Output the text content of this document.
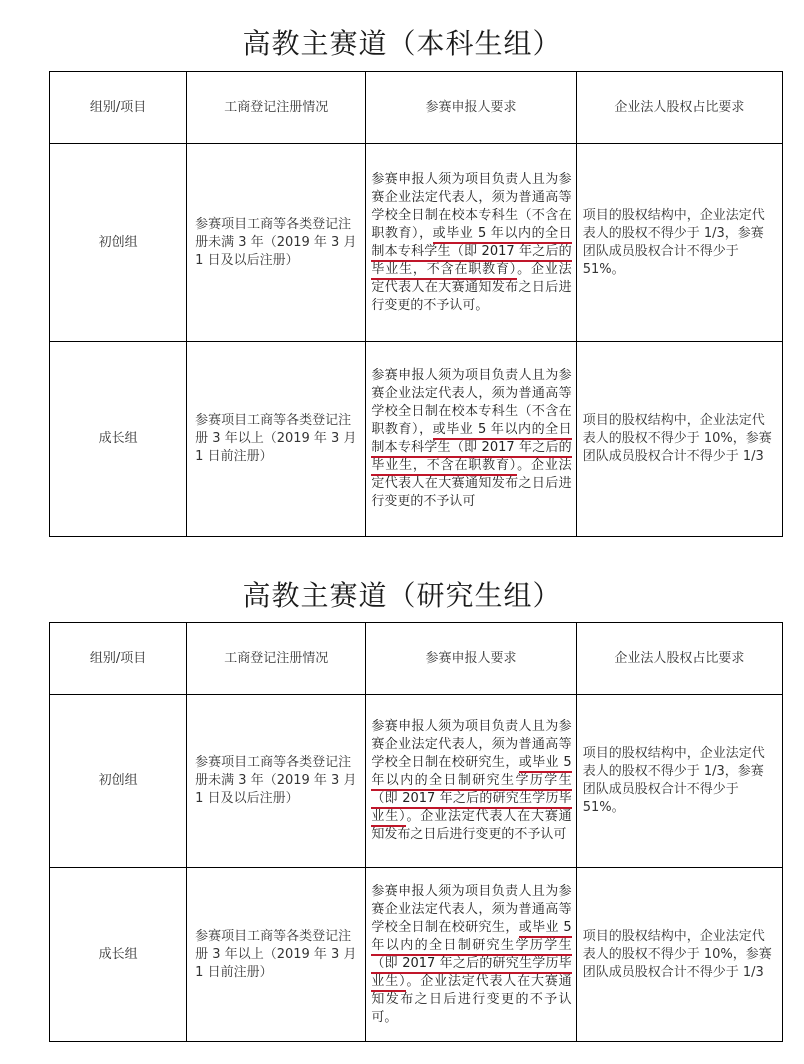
高教主赛道（本科生组）
组别/项目	工商登记注册情况	参赛申报人要求	企业法人股权占比要求
初创组	参赛项目工商等各类登记注册未满 3 年（2019 年 3 月 1 日及以后注册）	参赛申报人须为项目负责人且为参赛企业法定代表人，须为普通高等学校全日制在校本专科生（不含在职教育），或毕业 5 年以内的全日制本专科学生（即 2017 年之后的毕业生，不含在职教育）。企业法定代表人在大赛通知发布之日后进行变更的不予认可。	项目的股权结构中，企业法定代表人的股权不得少于 1/3，参赛团队成员股权合计不得少于 51%。
成长组	参赛项目工商等各类登记注册 3 年以上（2019 年 3 月 1 日前注册）	参赛申报人须为项目负责人且为参赛企业法定代表人，须为普通高等学校全日制在校本专科生（不含在职教育），或毕业 5 年以内的全日制本专科学生（即 2017 年之后的毕业生，不含在职教育）。企业法定代表人在大赛通知发布之日后进行变更的不予认可	项目的股权结构中，企业法定代表人的股权不得少于 10%，参赛团队成员股权合计不得少于 1/3
高教主赛道（研究生组）
组别/项目	工商登记注册情况	参赛申报人要求	企业法人股权占比要求
初创组	参赛项目工商等各类登记注册未满 3 年（2019 年 3 月 1 日及以后注册）	参赛申报人须为项目负责人且为参赛企业法定代表人，须为普通高等学校全日制在校研究生，或毕业 5 年以内的全日制研究生学历学生（即 2017 年之后的研究生学历毕业生）。企业法定代表人在大赛通知发布之日后进行变更的不予认可	项目的股权结构中，企业法定代表人的股权不得少于 1/3，参赛团队成员股权合计不得少于 51%。
成长组	参赛项目工商等各类登记注册 3 年以上（2019 年 3 月 1 日前注册）	参赛申报人须为项目负责人且为参赛企业法定代表人，须为普通高等学校全日制在校研究生，或毕业 5 年以内的全日制研究生学历学生（即 2017 年之后的研究生学历毕业生）。企业法定代表人在大赛通知发布之日后进行变更的不予认可。	项目的股权结构中，企业法定代表人的股权不得少于 10%，参赛团队成员股权合计不得少于 1/3
